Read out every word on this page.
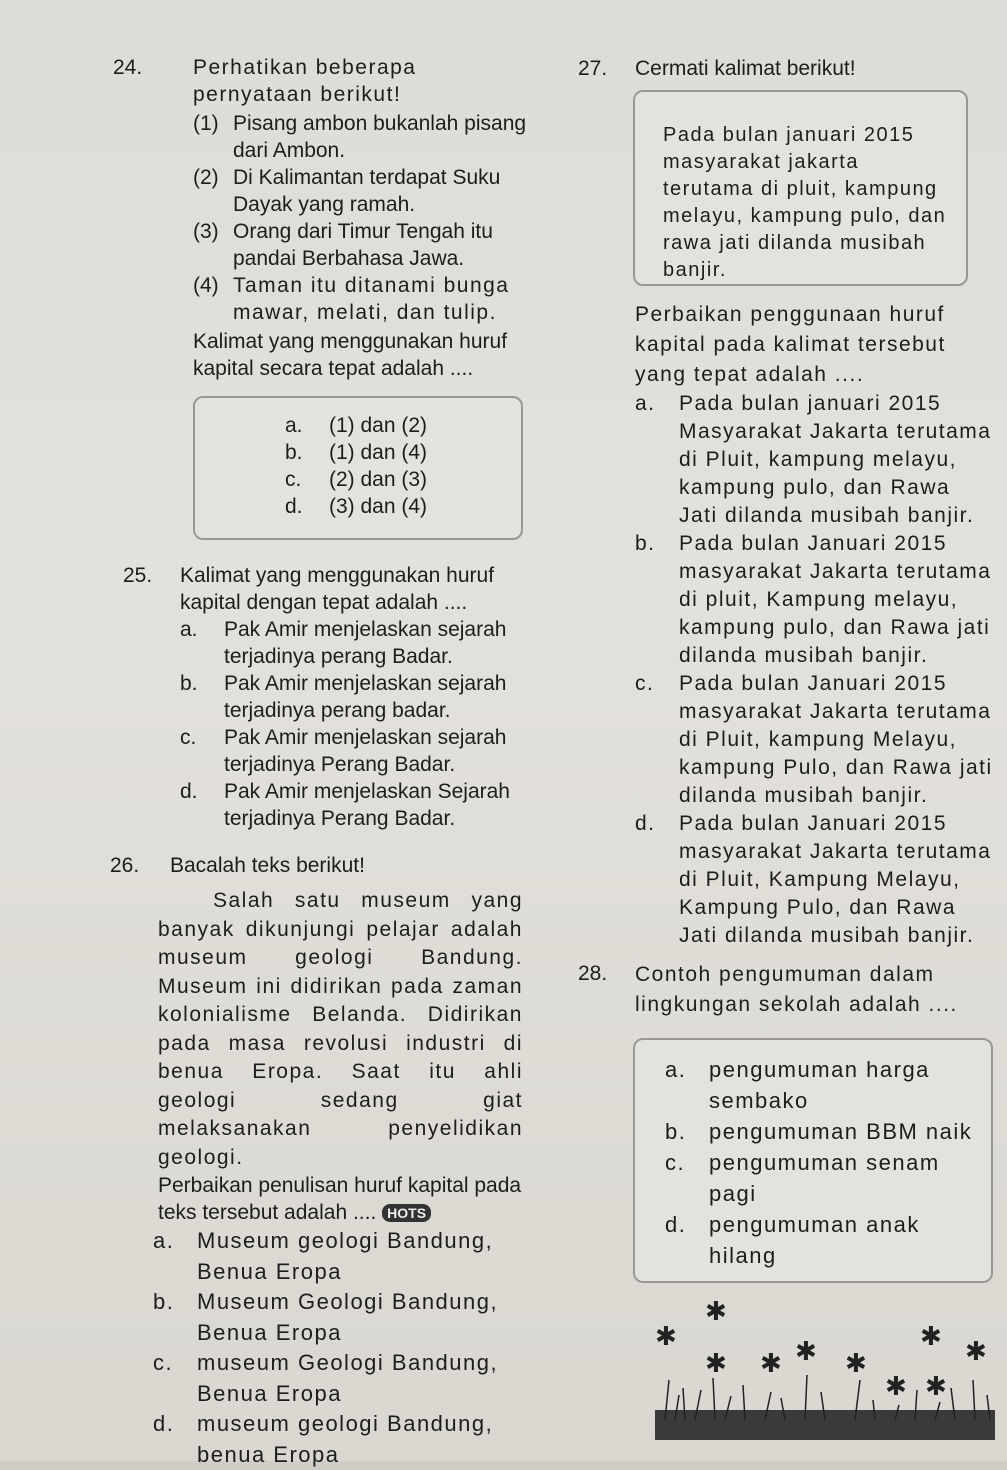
24. Perhatikan beberapa pernyataan berikut!
(1) Pisang ambon bukanlah pisang dari Ambon.
(2) Di Kalimantan terdapat Suku Dayak yang ramah.
(3) Orang dari Timur Tengah itu pandai Berbahasa Jawa.
(4) Taman itu ditanami bunga mawar, melati, dan tulip.
Kalimat yang menggunakan huruf kapital secara tepat adalah ....
a.	(1) dan (2)
b.	(1) dan (4)
c.	(2) dan (3)
d.	(3) dan (4)
25. Kalimat yang menggunakan huruf kapital dengan tepat adalah ....
a.	Pak Amir menjelaskan sejarah terjadinya perang Badar.
b.	Pak Amir menjelaskan sejarah terjadinya perang badar.
c.	Pak Amir menjelaskan sejarah terjadinya Perang Badar.
d.	Pak Amir menjelaskan Sejarah terjadinya Perang Badar.
26. Bacalah teks berikut!
Salah satu museum yang banyak dikunjungi pelajar adalah museum geologi Bandung. Museum ini didirikan pada zaman kolonialisme Belanda. Didirikan pada masa revolusi industri di benua Eropa. Saat itu ahli geologi sedang giat melaksanakan penyelidikan geologi.
Perbaikan penulisan huruf kapital pada teks tersebut adalah .... HOTS
a.	Museum geologi Bandung, Benua Eropa
b.	Museum Geologi Bandung, Benua Eropa
c.	museum Geologi Bandung, Benua Eropa
d.	museum geologi Bandung, benua Eropa
27. Cermati kalimat berikut!
Pada bulan januari 2015 masyarakat jakarta terutama di pluit, kampung melayu, kampung pulo, dan rawa jati dilanda musibah banjir.
Perbaikan penggunaan huruf kapital pada kalimat tersebut yang tepat adalah ....
a.	Pada bulan januari 2015 Masyarakat Jakarta terutama di Pluit, kampung melayu, kampung pulo, dan Rawa Jati dilanda musibah banjir.
b.	Pada bulan Januari 2015 masyarakat Jakarta terutama di pluit, Kampung melayu, kampung pulo, dan Rawa jati dilanda musibah banjir.
c.	Pada bulan Januari 2015 masyarakat Jakarta terutama di Pluit, kampung Melayu, kampung Pulo, dan Rawa jati dilanda musibah banjir.
d.	Pada bulan Januari 2015 masyarakat Jakarta terutama di Pluit, Kampung Melayu, Kampung Pulo, dan Rawa Jati dilanda musibah banjir.
28. Contoh pengumuman dalam lingkungan sekolah adalah ....
a.	pengumuman harga sembako
b.	pengumuman BBM naik
c.	pengumuman senam pagi
d.	pengumuman anak hilang
✱
✱	✱
✱ ✱ ✱ ✱	✱
✱ ✱
